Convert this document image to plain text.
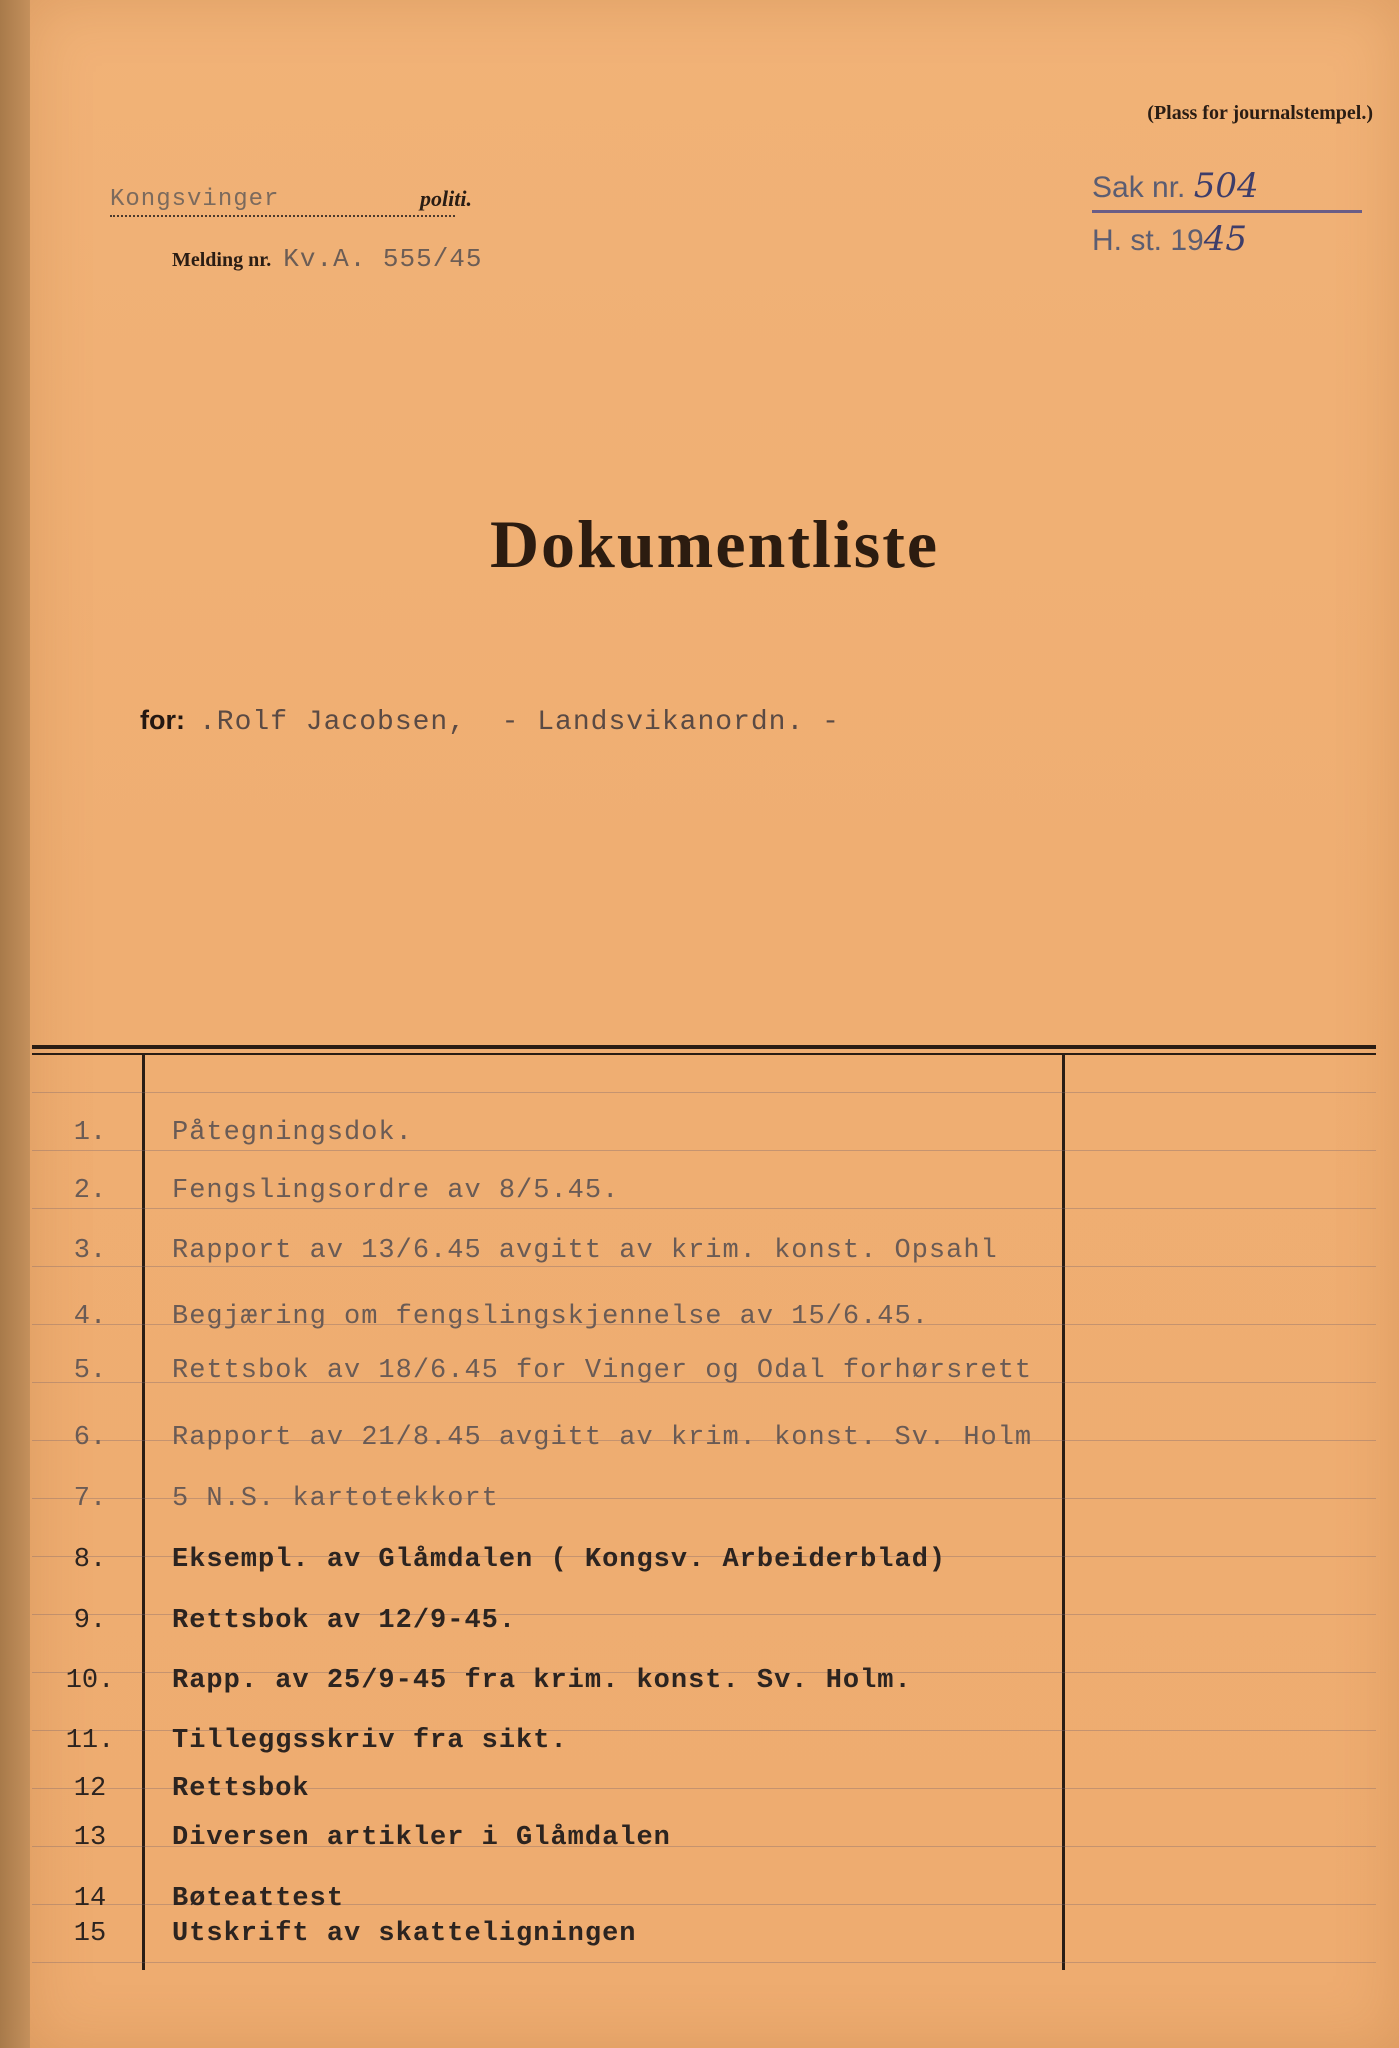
(Plass for journalstempel.)
Kongsvinger	politi.
Melding nr. Kv.A. 555/45
Sak nr. 504
H. st. 1945
Dokumentliste
for: .Rolf Jacobsen,  - Landsvikanordn. -
1.	Påtegningsdok.
2.	Fengslingsordre av 8/5.45.
3.	Rapport av 13/6.45 avgitt av krim. konst. Opsahl
4.	Begjæring om fengslingskjennelse av 15/6.45.
5.	Rettsbok av 18/6.45 for Vinger og Odal forhørsrett
6.	Rapport av 21/8.45 avgitt av krim. konst. Sv. Holm
7.	5 N.S. kartotekkort
8.	Eksempl. av Glåmdalen ( Kongsv. Arbeiderblad)
9.	Rettsbok av 12/9-45.
10.	Rapp. av 25/9-45 fra krim. konst. Sv. Holm.
11.	Tilleggsskriv fra sikt.
12	Rettsbok
13	Diversen artikler i Glåmdalen
14	Bøteattest
15	Utskrift av skatteligningen
